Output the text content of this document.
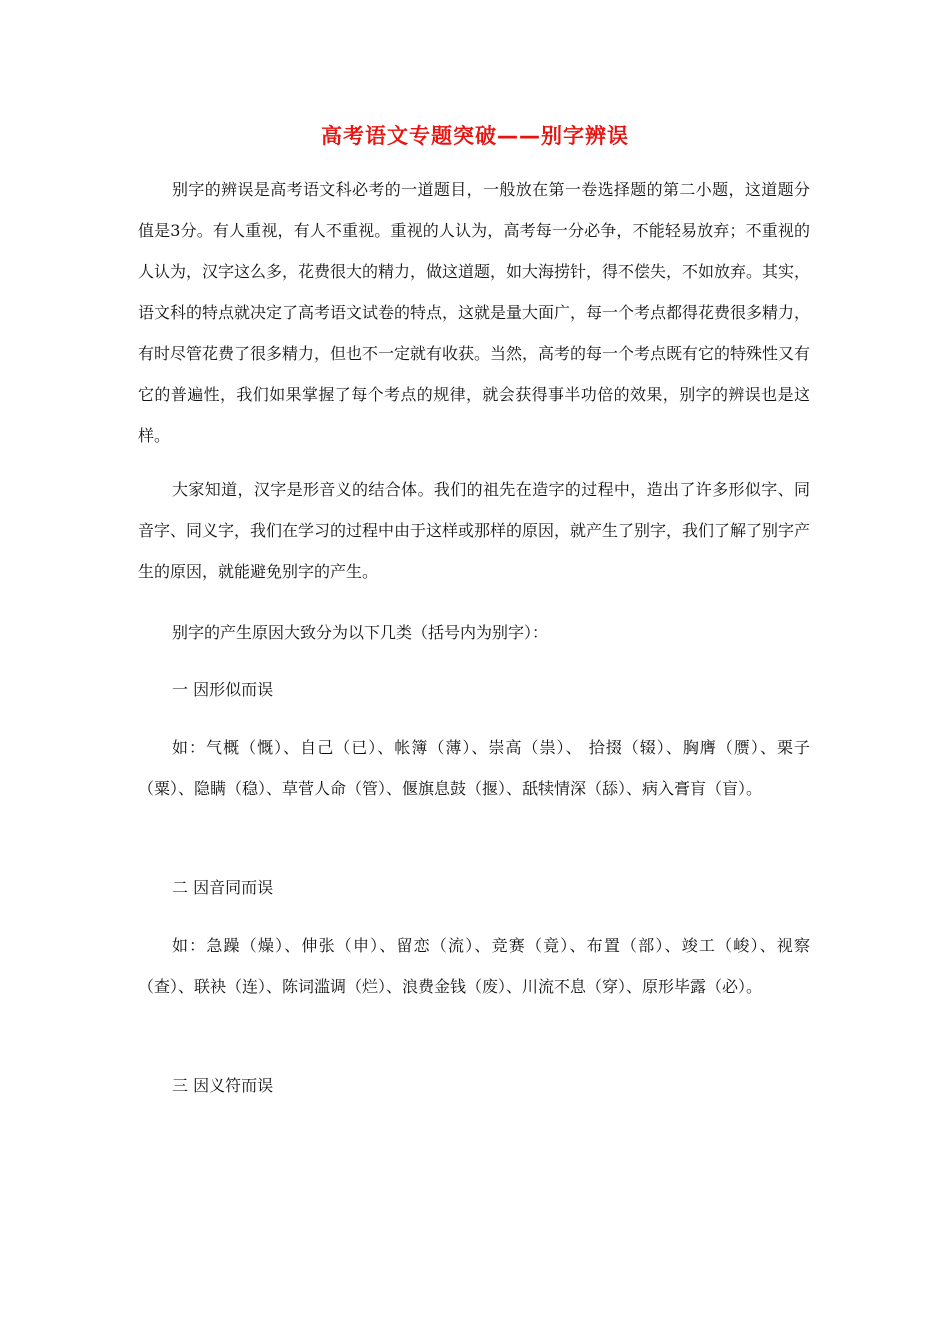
高考语文专题突破——别字辨误

别字的辨误是高考语文科必考的一道题目，一般放在第一卷选择题的第二小题，这道题分值是3分。有人重视，有人不重视。重视的人认为，高考每一分必争，不能轻易放弃；不重视的人认为，汉字这么多，花费很大的精力，做这道题，如大海捞针，得不偿失，不如放弃。其实，语文科的特点就决定了高考语文试卷的特点，这就是量大面广，每一个考点都得花费很多精力，有时尽管花费了很多精力，但也不一定就有收获。当然，高考的每一个考点既有它的特殊性又有它的普遍性，我们如果掌握了每个考点的规律，就会获得事半功倍的效果，别字的辨误也是这样。

大家知道，汉字是形音义的结合体。我们的祖先在造字的过程中，造出了许多形似字、同音字、同义字，我们在学习的过程中由于这样或那样的原因，就产生了别字，我们了解了别字产生的原因，就能避免别字的产生。

别字的产生原因大致分为以下几类（括号内为别字）：

一 因形似而误

如：气概（慨）、自己（已）、帐簿（薄）、崇高（祟）、 拾掇（辍）、胸膺（赝）、栗子（粟）、隐瞒（稳）、草菅人命（管）、偃旗息鼓（揠）、舐犊情深（舔）、病入膏肓（盲）。

二 因音同而误

如：急躁（燥）、伸张（申）、留恋（流）、竞赛（竟）、布置（部）、竣工（峻）、视察（查）、联袂（连）、陈词滥调（烂）、浪费金钱（废）、川流不息（穿）、原形毕露（必）。

三 因义符而误
